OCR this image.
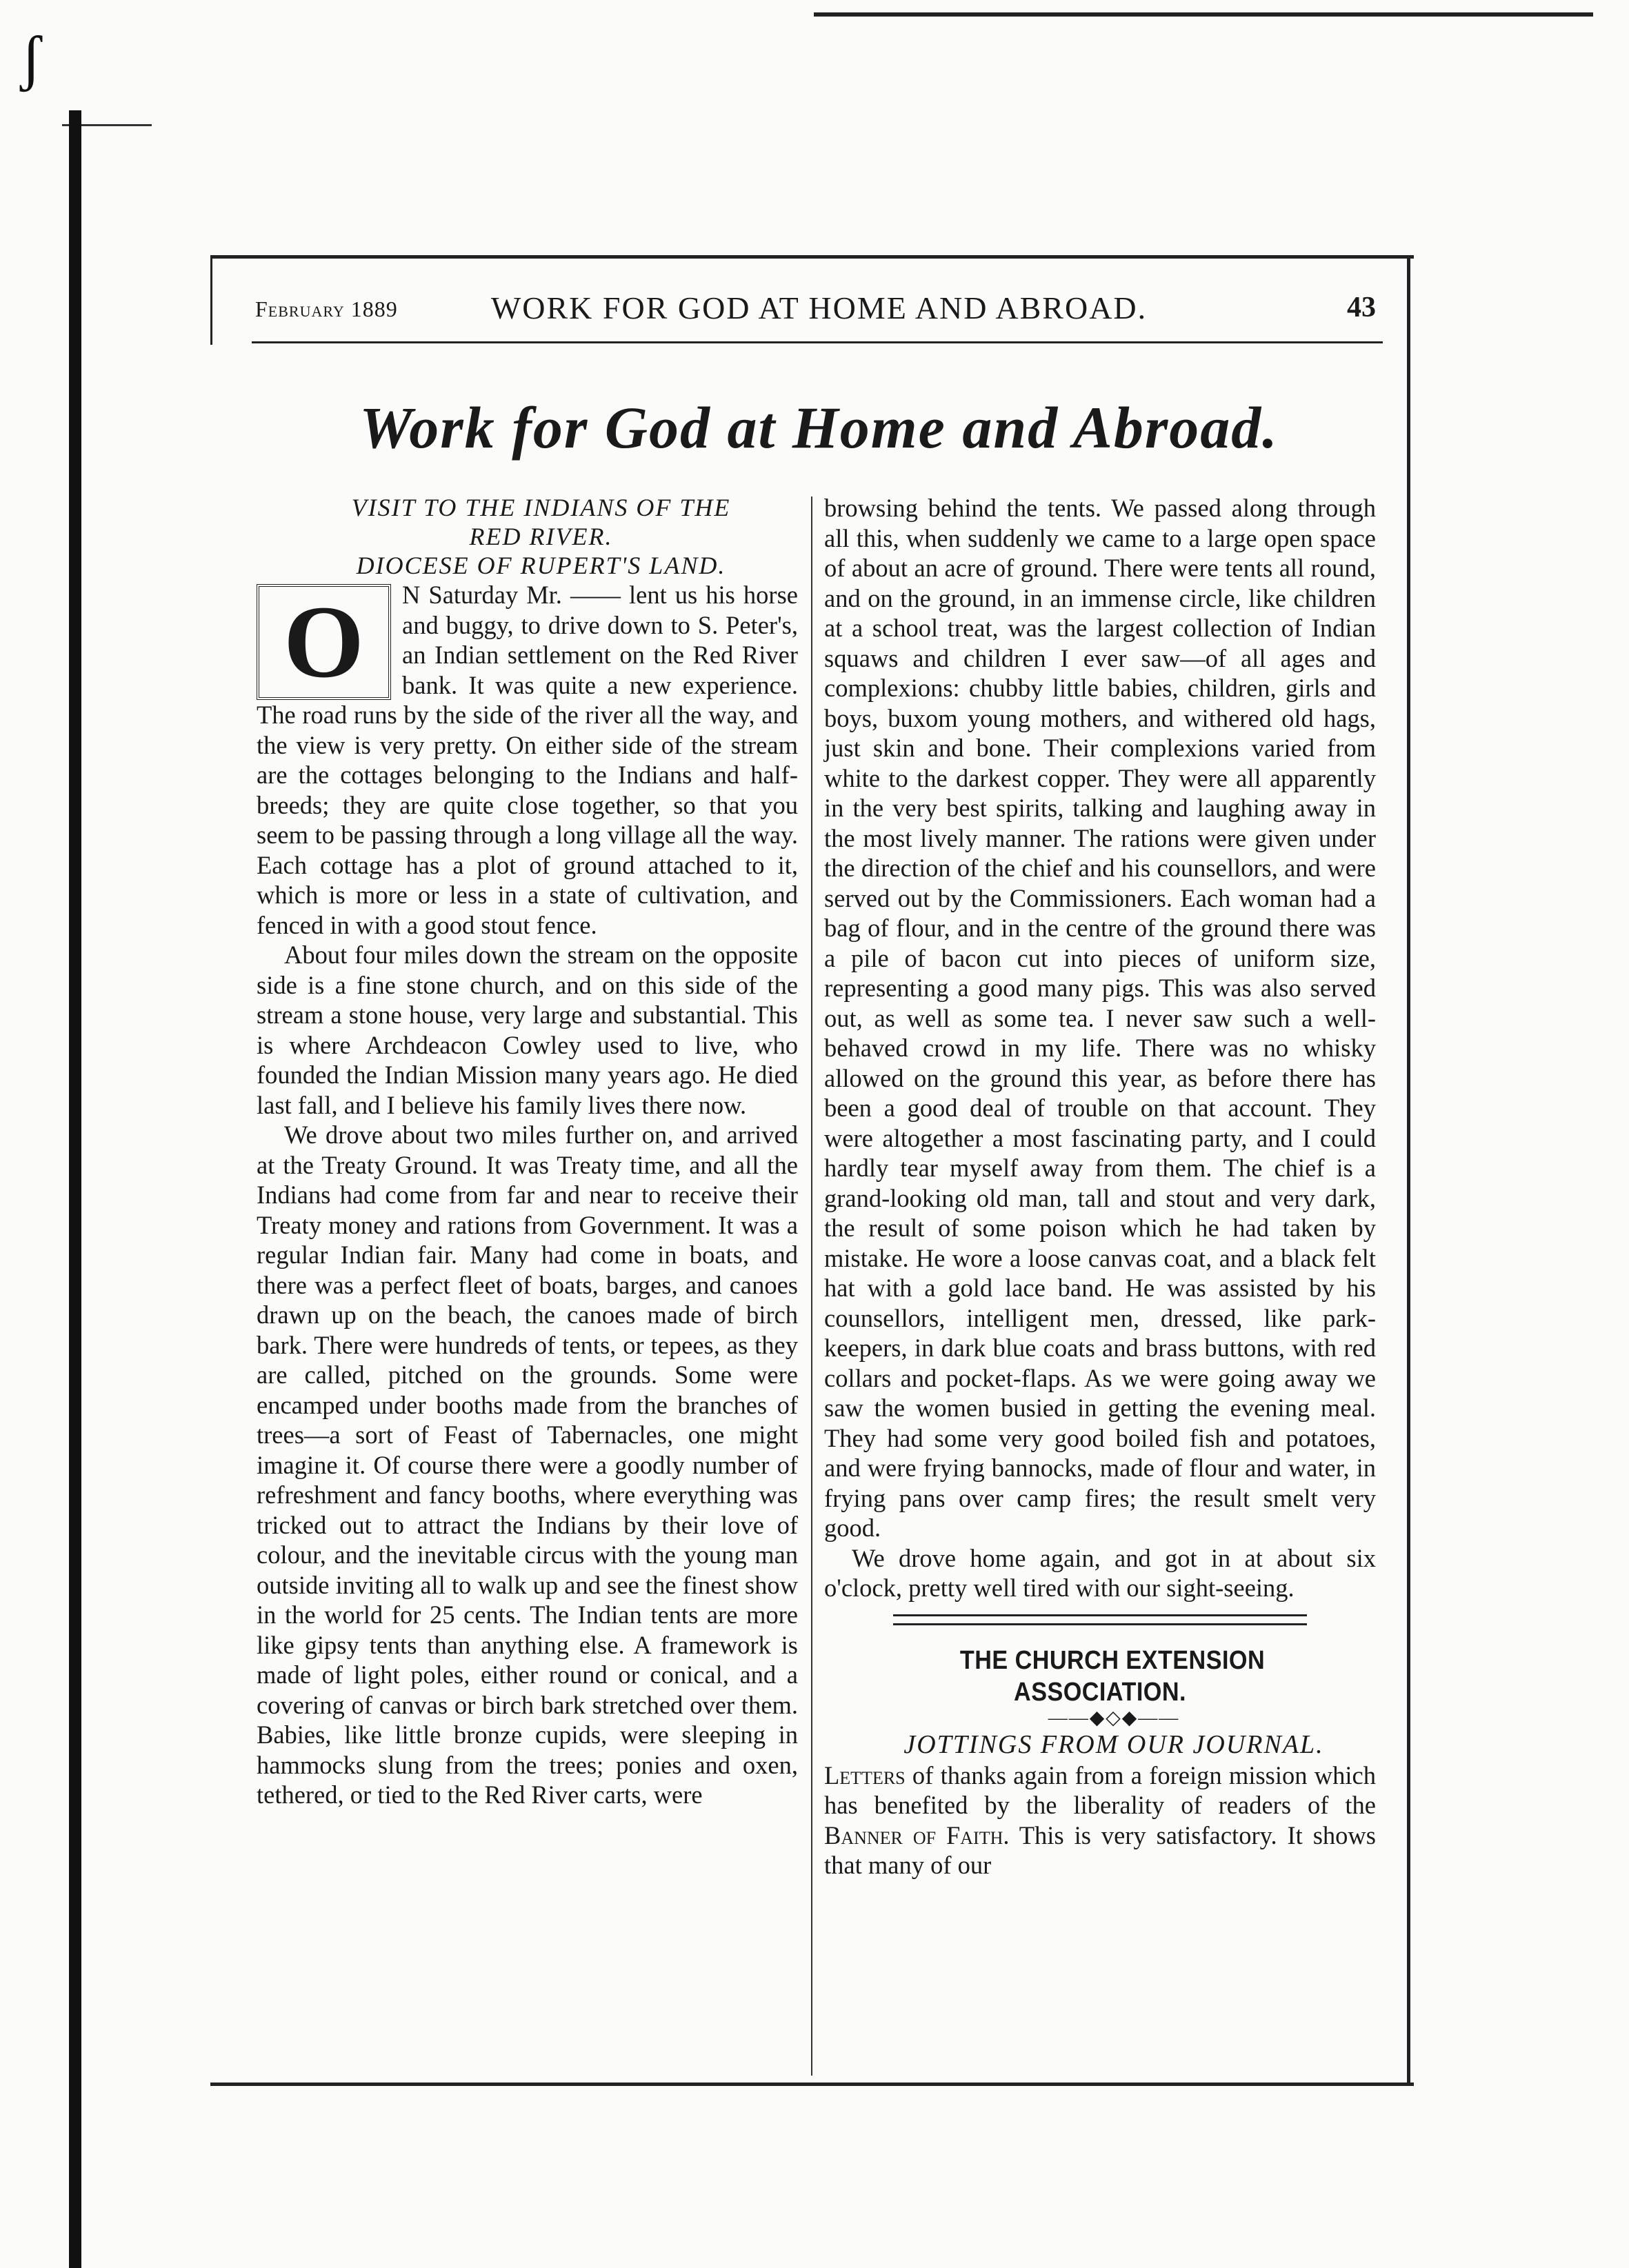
ʃ
February 1889	WORK FOR GOD AT HOME AND ABROAD.	43
Work for God at Home and Abroad.

VISIT TO THE INDIANS OF THE

RED RIVER.

DIOCESE OF RUPERT'S LAND.

O	N Saturday Mr. —— lent us his horse and buggy, to drive down to S. Peter's, an Indian settlement on the Red River bank. It was quite a new experience. The road runs by the side of the river all the way, and the view is very pretty. On either side of the stream are the cottages belonging to the Indians and half-breeds; they are quite close together, so that you seem to be passing through a long village all the way. Each cottage has a plot of ground attached to it, which is more or less in a state of cultivation, and fenced in with a good stout fence.

About four miles down the stream on the opposite side is a fine stone church, and on this side of the stream a stone house, very large and substantial. This is where Archdeacon Cowley used to live, who founded the Indian Mission many years ago. He died last fall, and I believe his family lives there now.

We drove about two miles further on, and arrived at the Treaty Ground. It was Treaty time, and all the Indians had come from far and near to receive their Treaty money and rations from Government. It was a regular Indian fair. Many had come in boats, and there was a perfect fleet of boats, barges, and canoes drawn up on the beach, the canoes made of birch bark. There were hundreds of tents, or tepees, as they are called, pitched on the grounds. Some were encamped under booths made from the branches of trees—a sort of Feast of Tabernacles, one might imagine it. Of course there were a goodly number of refreshment and fancy booths, where everything was tricked out to attract the Indians by their love of colour, and the inevitable circus with the young man outside inviting all to walk up and see the finest show in the world for 25 cents. The Indian tents are more like gipsy tents than anything else. A framework is made of light poles, either round or conical, and a covering of canvas or birch bark stretched over them. Babies, like little bronze cupids, were sleeping in hammocks slung from the trees; ponies and oxen, tethered, or tied to the Red River carts, were

browsing behind the tents. We passed along through all this, when suddenly we came to a large open space of about an acre of ground. There were tents all round, and on the ground, in an immense circle, like children at a school treat, was the largest collection of Indian squaws and children I ever saw—of all ages and complexions: chubby little babies, children, girls and boys, buxom young mothers, and withered old hags, just skin and bone. Their complexions varied from white to the darkest copper. They were all apparently in the very best spirits, talking and laughing away in the most lively manner. The rations were given under the direction of the chief and his counsellors, and were served out by the Commissioners. Each woman had a bag of flour, and in the centre of the ground there was a pile of bacon cut into pieces of uniform size, representing a good many pigs. This was also served out, as well as some tea. I never saw such a well-behaved crowd in my life. There was no whisky allowed on the ground this year, as before there has been a good deal of trouble on that account. They were altogether a most fascinating party, and I could hardly tear myself away from them. The chief is a grand-looking old man, tall and stout and very dark, the result of some poison which he had taken by mistake. He wore a loose canvas coat, and a black felt hat with a gold lace band. He was assisted by his counsellors, intelligent men, dressed, like park-keepers, in dark blue coats and brass buttons, with red collars and pocket-flaps. As we were going away we saw the women busied in getting the evening meal. They had some very good boiled fish and potatoes, and were frying bannocks, made of flour and water, in frying pans over camp fires; the result smelt very good.

We drove home again, and got in at about six o'clock, pretty well tired with our sight-seeing.

THE CHURCH EXTENSION ASSOCIATION.

——◆◇◆——

JOTTINGS FROM OUR JOURNAL.

Letters of thanks again from a foreign mission which has benefited by the liberality of readers of the Banner of Faith. This is very satisfactory. It shows that many of our
